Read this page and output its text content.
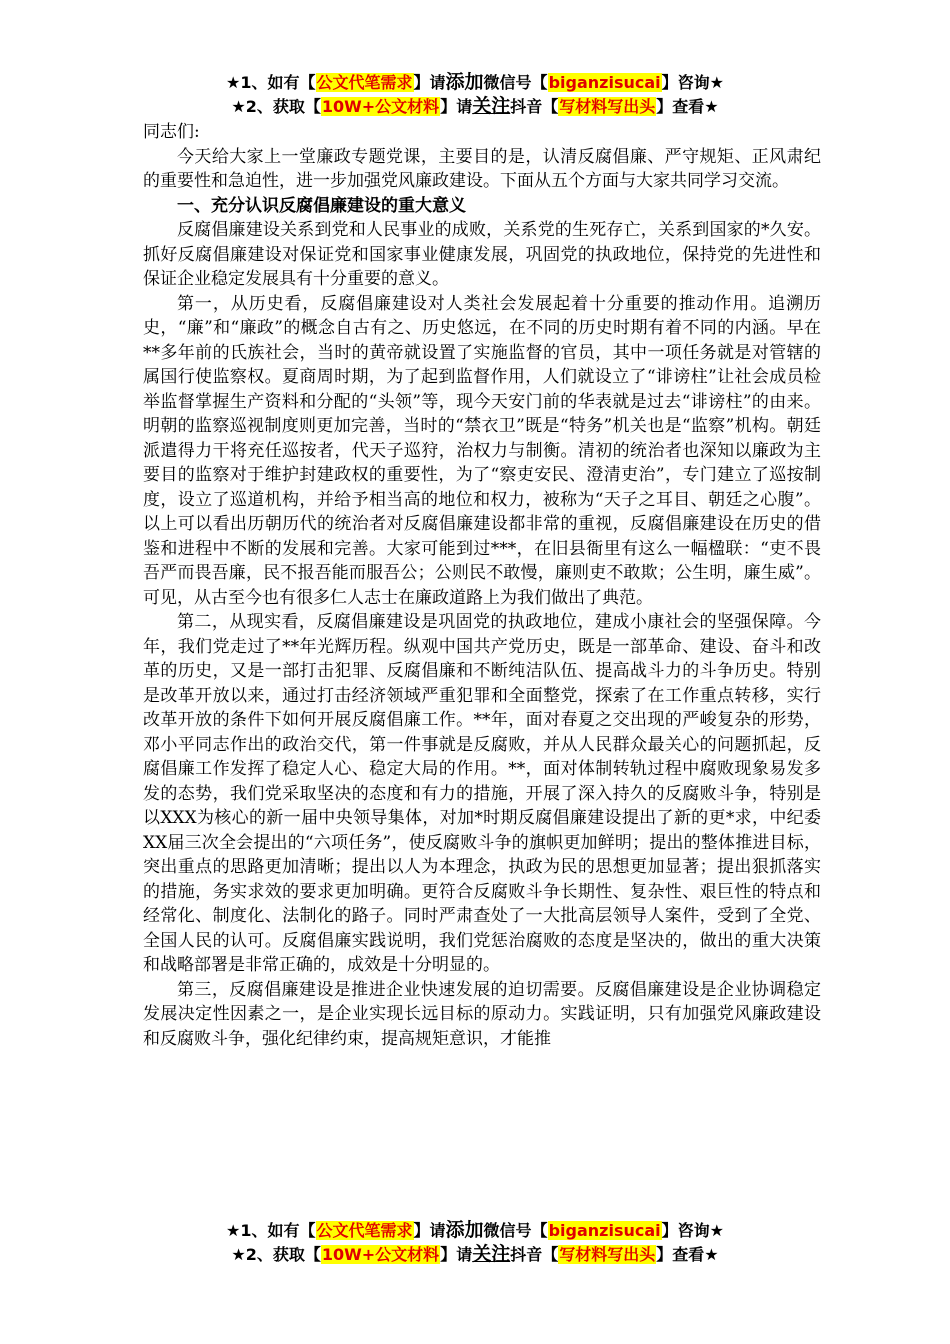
★1、如有【公文代笔需求】请添加微信号【biganzisucai】咨询★
★2、获取【10W+公文材料】请关注抖音【写材料写出头】查看★

同志们:

今天给大家上一堂廉政专题党课，主要目的是，认清反腐倡廉、严守规矩、正风肃纪的重要性和急迫性，进一步加强党风廉政建设。下面从五个方面与大家共同学习交流。

一、充分认识反腐倡廉建设的重大意义

反腐倡廉建设关系到党和人民事业的成败，关系党的生死存亡，关系到国家的*久安。抓好反腐倡廉建设对保证党和国家事业健康发展，巩固党的执政地位，保持党的先进性和保证企业稳定发展具有十分重要的意义。

第一，从历史看，反腐倡廉建设对人类社会发展起着十分重要的推动作用。追溯历史，“廉”和“廉政”的概念自古有之、历史悠远，在不同的历史时期有着不同的内涵。早在**多年前的氏族社会，当时的黄帝就设置了实施监督的官员，其中一项任务就是对管辖的属国行使监察权。夏商周时期，为了起到监督作用，人们就设立了“诽谤柱”让社会成员检举监督掌握生产资料和分配的“头领”等，现今天安门前的华表就是过去“诽谤柱”的由来。明朝的监察巡视制度则更加完善，当时的“禁衣卫”既是“特务”机关也是“监察”机构。朝廷派遣得力干将充任巡按者，代天子巡狩，治权力与制衡。清初的统治者也深知以廉政为主要目的监察对于维护封建政权的重要性，为了“察吏安民、澄清吏治”，专门建立了巡按制度，设立了巡道机构，并给予相当高的地位和权力，被称为“天子之耳目、朝廷之心腹”。以上可以看出历朝历代的统治者对反腐倡廉建设都非常的重视，反腐倡廉建设在历史的借鉴和进程中不断的发展和完善。大家可能到过***，在旧县衙里有这么一幅楹联：“吏不畏吾严而畏吾廉，民不报吾能而服吾公；公则民不敢慢，廉则吏不敢欺；公生明，廉生威”。可见，从古至今也有很多仁人志士在廉政道路上为我们做出了典范。

第二，从现实看，反腐倡廉建设是巩固党的执政地位，建成小康社会的坚强保障。今年，我们党走过了**年光辉历程。纵观中国共产党历史，既是一部革命、建设、奋斗和改革的历史，又是一部打击犯罪、反腐倡廉和不断纯洁队伍、提高战斗力的斗争历史。特别是改革开放以来，通过打击经济领域严重犯罪和全面整党，探索了在工作重点转移，实行改革开放的条件下如何开展反腐倡廉工作。**年，面对春夏之交出现的严峻复杂的形势，邓小平同志作出的政治交代，第一件事就是反腐败，并从人民群众最关心的问题抓起，反腐倡廉工作发挥了稳定人心、稳定大局的作用。**，面对体制转轨过程中腐败现象易发多发的态势，我们党采取坚决的态度和有力的措施，开展了深入持久的反腐败斗争，特别是以XXX为核心的新一届中央领导集体，对加*时期反腐倡廉建设提出了新的更*求，中纪委XX届三次全会提出的“六项任务”，使反腐败斗争的旗帜更加鲜明；提出的整体推进目标，突出重点的思路更加清晰；提出以人为本理念，执政为民的思想更加显著；提出狠抓落实的措施，务实求效的要求更加明确。更符合反腐败斗争长期性、复杂性、艰巨性的特点和经常化、制度化、法制化的路子。同时严肃查处了一大批高层领导人案件，受到了全党、全国人民的认可。反腐倡廉实践说明，我们党惩治腐败的态度是坚决的，做出的重大决策和战略部署是非常正确的，成效是十分明显的。

第三，反腐倡廉建设是推进企业快速发展的迫切需要。反腐倡廉建设是企业协调稳定发展决定性因素之一，是企业实现长远目标的原动力。实践证明，只有加强党风廉政建设和反腐败斗争，强化纪律约束，提高规矩意识，才能推

★1、如有【公文代笔需求】请添加微信号【biganzisucai】咨询★
★2、获取【10W+公文材料】请关注抖音【写材料写出头】查看★
